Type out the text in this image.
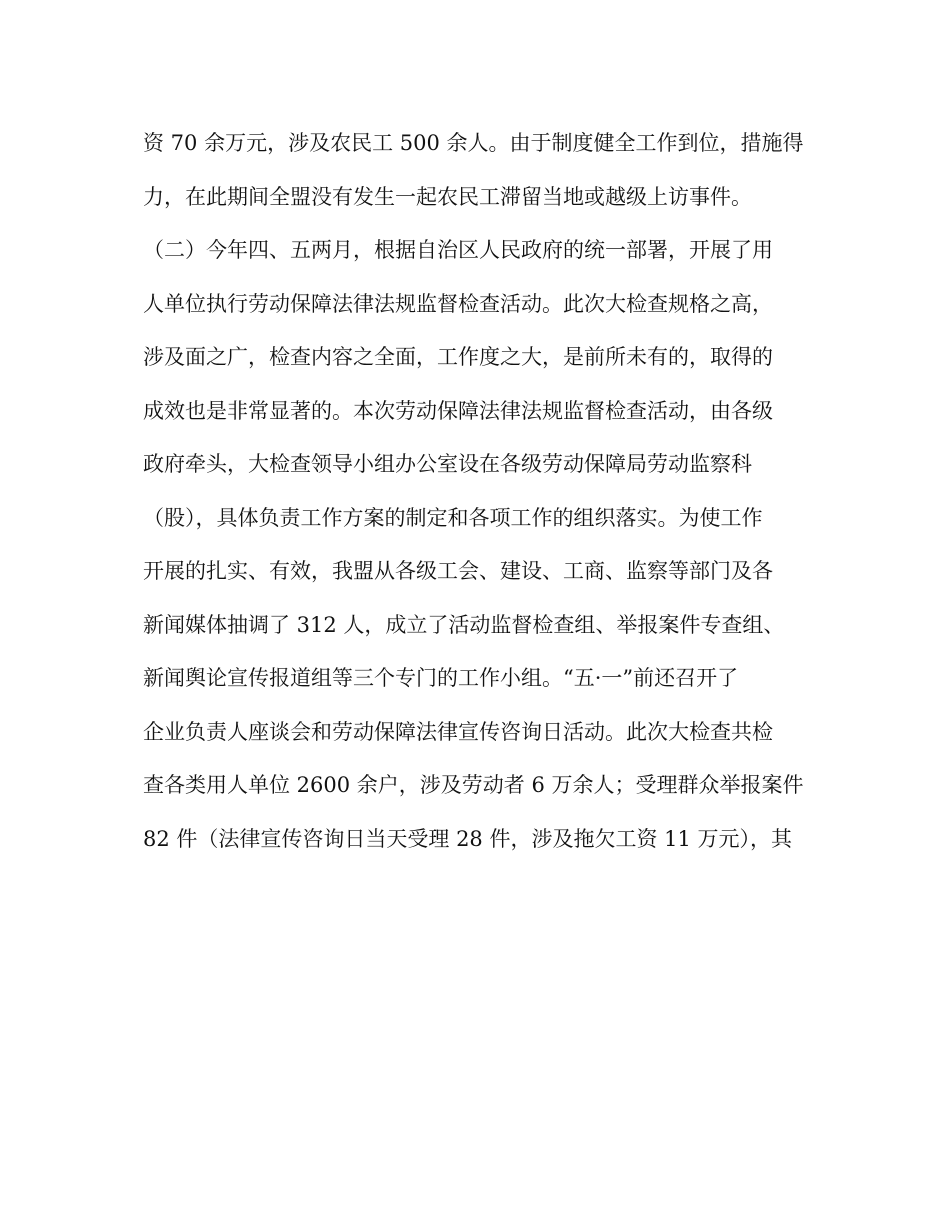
资 70 余万元，涉及农民工 500 余人。由于制度健全工作到位，措施得

力，在此期间全盟没有发生一起农民工滞留当地或越级上访事件。

（二）今年四、五两月，根据自治区人民政府的统一部署，开展了用

人单位执行劳动保障法律法规监督检查活动。此次大检查规格之高，

涉及面之广，检查内容之全面，工作度之大，是前所未有的，取得的

成效也是非常显著的。本次劳动保障法律法规监督检查活动，由各级

政府牵头，大检查领导小组办公室设在各级劳动保障局劳动监察科

（股），具体负责工作方案的制定和各项工作的组织落实。为使工作

开展的扎实、有效，我盟从各级工会、建设、工商、监察等部门及各

新闻媒体抽调了 312 人，成立了活动监督检查组、举报案件专查组、

新闻舆论宣传报道组等三个专门的工作小组。“五·一”前还召开了

企业负责人座谈会和劳动保障法律宣传咨询日活动。此次大检查共检

查各类用人单位 2600 余户，涉及劳动者 6 万余人；受理群众举报案件

82 件（法律宣传咨询日当天受理 28 件，涉及拖欠工资 11 万元），其
